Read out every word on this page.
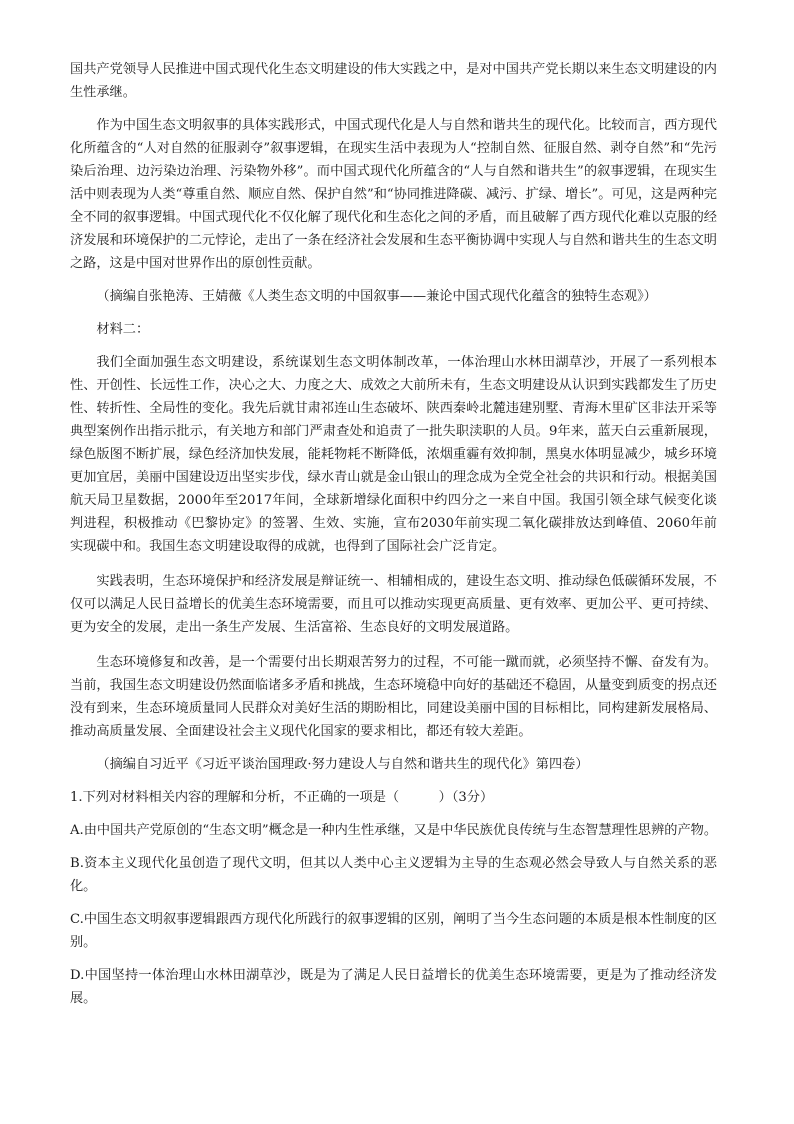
国共产党领导人民推进中国式现代化生态文明建设的伟大实践之中，是对中国共产党长期以来生态文明建设的内生性承继。

作为中国生态文明叙事的具体实践形式，中国式现代化是人与自然和谐共生的现代化。比较而言，西方现代化所蕴含的“人对自然的征服剥夺”叙事逻辑，在现实生活中表现为人“控制自然、征服自然、剥夺自然”和“先污染后治理、边污染边治理、污染物外移”。而中国式现代化所蕴含的“人与自然和谐共生”的叙事逻辑，在现实生活中则表现为人类“尊重自然、顺应自然、保护自然”和“协同推进降碳、减污、扩绿、增长”。可见，这是两种完全不同的叙事逻辑。中国式现代化不仅化解了现代化和生态化之间的矛盾，而且破解了西方现代化难以克服的经济发展和环境保护的二元悖论，走出了一条在经济社会发展和生态平衡协调中实现人与自然和谐共生的生态文明之路，这是中国对世界作出的原创性贡献。

（摘编自张艳涛、王婧薇《人类生态文明的中国叙事——兼论中国式现代化蕴含的独特生态观》）

材料二：

我们全面加强生态文明建设，系统谋划生态文明体制改革，一体治理山水林田湖草沙，开展了一系列根本性、开创性、长远性工作，决心之大、力度之大、成效之大前所未有，生态文明建设从认识到实践都发生了历史性、转折性、全局性的变化。我先后就甘肃祁连山生态破坏、陕西秦岭北麓违建别墅、青海木里矿区非法开采等典型案例作出指示批示，有关地方和部门严肃查处和追责了一批失职渎职的人员。9年来，蓝天白云重新展现，绿色版图不断扩展，绿色经济加快发展，能耗物耗不断降低，浓烟重霾有效抑制，黑臭水体明显减少，城乡环境更加宜居，美丽中国建设迈出坚实步伐，绿水青山就是金山银山的理念成为全党全社会的共识和行动。根据美国航天局卫星数据，2000年至2017年间，全球新增绿化面积中约四分之一来自中国。我国引领全球气候变化谈判进程，积极推动《巴黎协定》的签署、生效、实施，宣布2030年前实现二氧化碳排放达到峰值、2060年前实现碳中和。我国生态文明建设取得的成就，也得到了国际社会广泛肯定。

实践表明，生态环境保护和经济发展是辩证统一、相辅相成的，建设生态文明、推动绿色低碳循环发展，不仅可以满足人民日益增长的优美生态环境需要，而且可以推动实现更高质量、更有效率、更加公平、更可持续、更为安全的发展，走出一条生产发展、生活富裕、生态良好的文明发展道路。

生态环境修复和改善，是一个需要付出长期艰苦努力的过程，不可能一蹴而就，必须坚持不懈、奋发有为。当前，我国生态文明建设仍然面临诸多矛盾和挑战，生态环境稳中向好的基础还不稳固，从量变到质变的拐点还没有到来，生态环境质量同人民群众对美好生活的期盼相比，同建设美丽中国的目标相比，同构建新发展格局、推动高质量发展、全面建设社会主义现代化国家的要求相比，都还有较大差距。

（摘编自习近平《习近平谈治国理政·努力建设人与自然和谐共生的现代化》第四卷）

1.下列对材料相关内容的理解和分析，不正确的一项是（　　　）（3分）

A.由中国共产党原创的“生态文明”概念是一种内生性承继，又是中华民族优良传统与生态智慧理性思辨的产物。

B.资本主义现代化虽创造了现代文明，但其以人类中心主义逻辑为主导的生态观必然会导致人与自然关系的恶化。

C.中国生态文明叙事逻辑跟西方现代化所践行的叙事逻辑的区别，阐明了当今生态问题的本质是根本性制度的区别。

D.中国坚持一体治理山水林田湖草沙，既是为了满足人民日益增长的优美生态环境需要，更是为了推动经济发展。
